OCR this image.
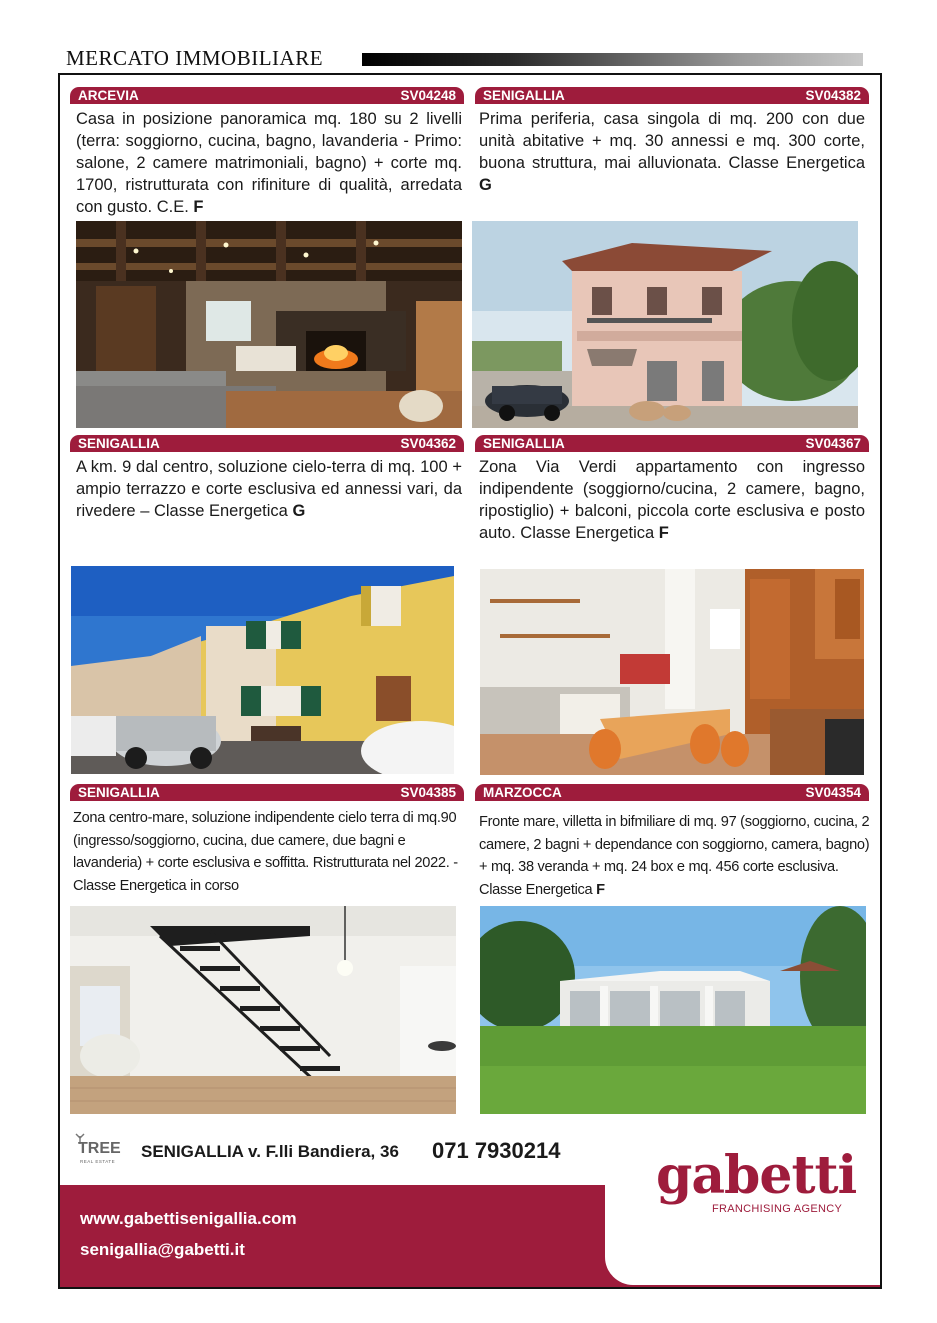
MERCATO IMMOBILIARE
ARCEVIA	SV04248
Casa in posizione panoramica mq. 180 su 2 livelli (terra: soggiorno, cucina, bagno, lavanderia - Primo: salone, 2 camere matrimoniali, bagno) + corte mq. 1700, ristrutturata con rifiniture di qualità, arredata con gusto. C.E. F
SENIGALLIA	SV04382
Prima periferia, casa singola di mq. 200 con due unità abitative + mq. 30 annessi e mq. 300 corte, buona struttura, mai alluvionata. Classe Energetica G
SENIGALLIA	SV04362
A km. 9 dal centro, soluzione cielo-terra di mq. 100 + ampio terrazzo e corte esclusiva ed annessi vari, da rivedere – Classe Energetica G
SENIGALLIA	SV04367
Zona Via Verdi appartamento con ingresso indipendente (soggiorno/cucina, 2 camere, bagno, ripostiglio) + balconi, piccola corte esclusiva e posto auto. Classe Energetica F
SENIGALLIA	SV04385
Zona centro-mare, soluzione indipendente cielo terra di mq.90 (ingresso/soggiorno, cucina, due camere, due bagni e lavanderia) + corte esclusiva e soffitta. Ristrutturata nel 2022. - Classe Energetica in corso
MARZOCCA	SV04354
Fronte mare, villetta in bifmiliare di mq. 97 (soggiorno, cucina, 2 camere, 2 bagni + dependance con soggiorno, camera, bagno) + mq. 38 veranda + mq. 24 box e mq. 456 corte esclusiva. Classe Energetica F
TREE
REAL ESTATE
SENIGALLIA v. F.lli Bandiera, 36 071 7930214
www.gabettisenigallia.com
senigallia@gabetti.it
gabetti
FRANCHISING AGENCY
